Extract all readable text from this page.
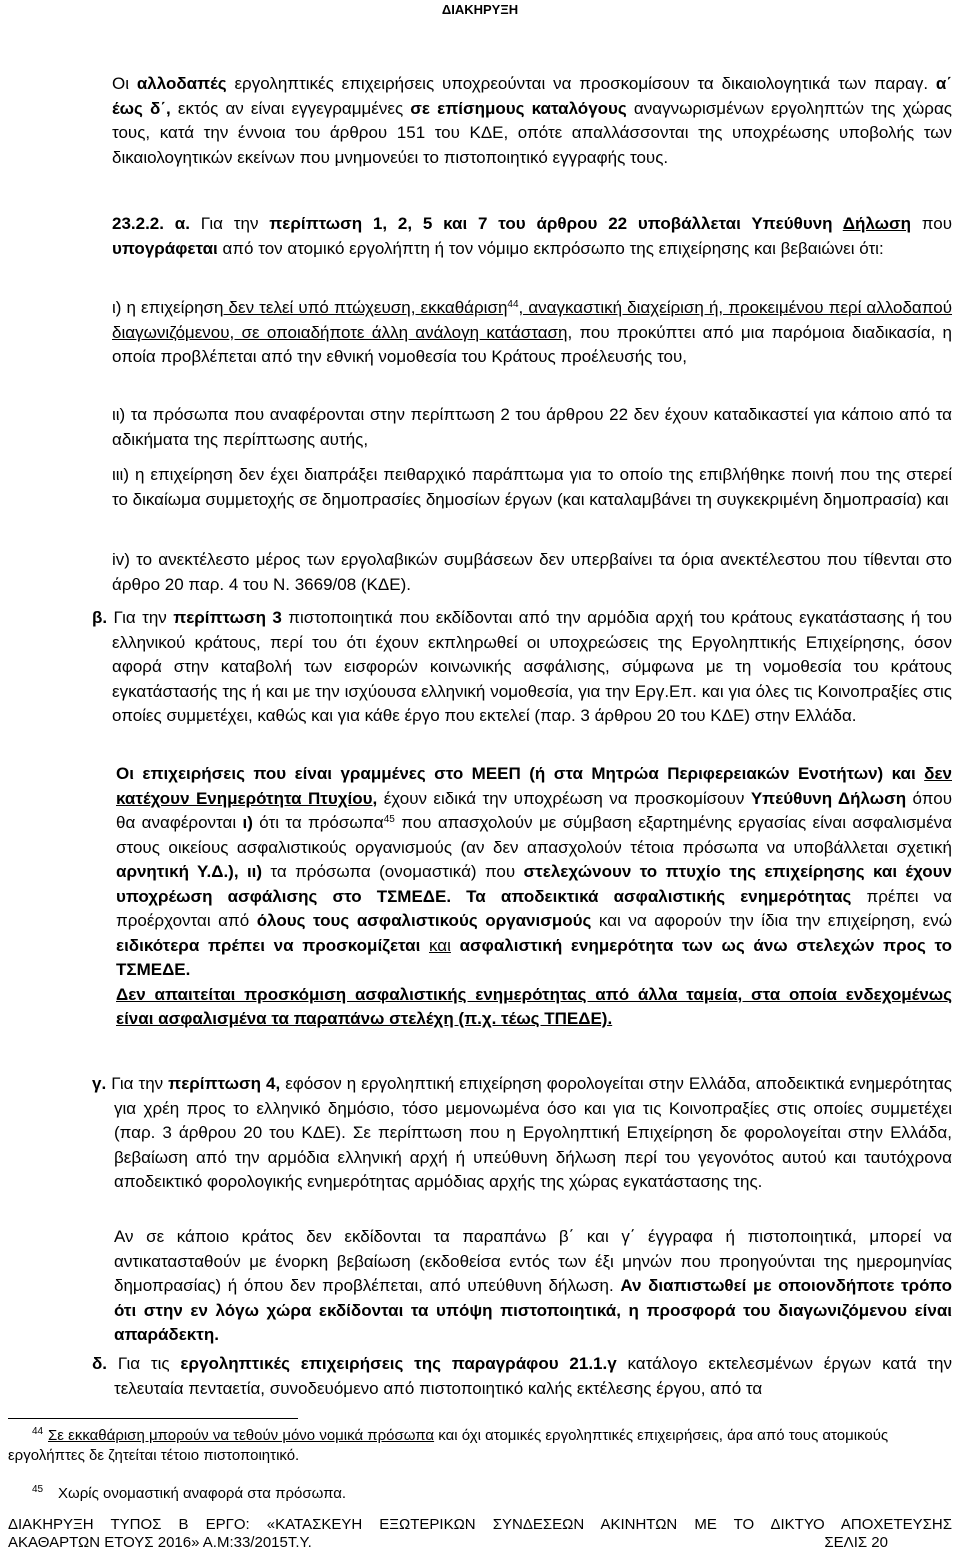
ΔΙΑΚΗΡΥΞΗ
Οι αλλοδαπές εργοληπτικές επιχειρήσεις υποχρεούνται να προσκομίσουν τα δικαιολογητικά των παραγ. α΄ έως δ΄, εκτός αν είναι εγγεγραμμένες σε επίσημους καταλόγους αναγνωρισμένων εργοληπτών της χώρας τους, κατά την έννοια του άρθρου 151 του ΚΔΕ, οπότε απαλλάσσονται της υποχρέωσης υποβολής των δικαιολογητικών εκείνων που μνημονεύει το πιστοποιητικό εγγραφής τους.
23.2.2. α. Για την περίπτωση 1, 2, 5 και 7 του άρθρου 22 υποβάλλεται Υπεύθυνη Δήλωση που υπογράφεται από τον ατομικό εργολήπτη ή τον νόμιμο εκπρόσωπο της επιχείρησης και βεβαιώνει ότι:
ι) η επιχείρηση δεν τελεί υπό πτώχευση, εκκαθάριση$^{44}$, αναγκαστική διαχείριση ή, προκειμένου περί αλλοδαπού διαγωνιζόμενου, σε οποιαδήποτε άλλη ανάλογη κατάσταση, που προκύπτει από μια παρόμοια διαδικασία, η οποία προβλέπεται από την εθνική νομοθεσία του Κράτους προέλευσής του,
ιι) τα πρόσωπα που αναφέρονται στην περίπτωση 2 του άρθρου 22 δεν έχουν καταδικαστεί για κάποιο από τα αδικήματα της περίπτωσης αυτής,
ιιι) η επιχείρηση δεν έχει διαπράξει πειθαρχικό παράπτωμα για το οποίο της επιβλήθηκε ποινή που της στερεί το δικαίωμα συμμετοχής σε δημοπρασίες δημοσίων έργων (και καταλαμβάνει τη συγκεκριμένη δημοπρασία) και
iv) το ανεκτέλεστο μέρος των εργολαβικών συμβάσεων δεν υπερβαίνει τα όρια ανεκτέλεστου που τίθενται στο άρθρο 20 παρ. 4 του Ν. 3669/08 (ΚΔΕ).
β. Για την περίπτωση 3 πιστοποιητικά που εκδίδονται από την αρμόδια αρχή του κράτους εγκατάστασης ή του ελληνικού κράτους, περί του ότι έχουν εκπληρωθεί οι υποχρεώσεις της Εργοληπτικής Επιχείρησης, όσον αφορά στην καταβολή των εισφορών κοινωνικής ασφάλισης, σύμφωνα με τη νομοθεσία του κράτους εγκατάστασής της ή και με την ισχύουσα ελληνική νομοθεσία, για την Εργ.Επ. και για όλες τις Κοινοπραξίες στις οποίες συμμετέχει, καθώς και για κάθε έργο που εκτελεί (παρ. 3 άρθρου 20 του ΚΔΕ) στην Ελλάδα.
Οι επιχειρήσεις που είναι γραμμένες στο ΜΕΕΠ (ή στα Μητρώα Περιφερειακών Ενοτήτων) και δεν κατέχουν Ενημερότητα Πτυχίου, έχουν ειδικά την υποχρέωση να προσκομίσουν Υπεύθυνη Δήλωση όπου θα αναφέρονται ι) ότι τα πρόσωπα$^{45}$ που απασχολούν με σύμβαση εξαρτημένης εργασίας είναι ασφαλισμένα στους οικείους ασφαλιστικούς οργανισμούς (αν δεν απασχολούν τέτοια πρόσωπα να υποβάλλεται σχετική αρνητική Υ.Δ.), ιι) τα πρόσωπα (ονομαστικά) που στελεχώνουν το πτυχίο της επιχείρησης και έχουν υποχρέωση ασφάλισης στο ΤΣΜΕΔΕ. Τα αποδεικτικά ασφαλιστικής ενημερότητας πρέπει να προέρχονται από όλους τους ασφαλιστικούς οργανισμούς και να αφορούν την ίδια την επιχείρηση, ενώ ειδικότερα πρέπει να προσκομίζεται και ασφαλιστική ενημερότητα των ως άνω στελεχών προς το ΤΣΜΕΔΕ.
Δεν απαιτείται προσκόμιση ασφαλιστικής ενημερότητας από άλλα ταμεία, στα οποία ενδεχομένως είναι ασφαλισμένα τα παραπάνω στελέχη (π.χ. τέως ΤΠΕΔΕ).
γ. Για την περίπτωση 4, εφόσον η εργοληπτική επιχείρηση φορολογείται στην Ελλάδα, αποδεικτικά ενημερότητας για χρέη προς το ελληνικό δημόσιο, τόσο μεμονωμένα όσο και για τις Κοινοπραξίες στις οποίες συμμετέχει (παρ. 3 άρθρου 20 του ΚΔΕ). Σε περίπτωση που η Εργοληπτική Επιχείρηση δε φορολογείται στην Ελλάδα, βεβαίωση από την αρμόδια ελληνική αρχή ή υπεύθυνη δήλωση περί του γεγονότος αυτού και ταυτόχρονα αποδεικτικό φορολογικής ενημερότητας αρμόδιας αρχής της χώρας εγκατάστασης της.
Αν σε κάποιο κράτος δεν εκδίδονται τα παραπάνω β΄ και γ΄ έγγραφα ή πιστοποιητικά, μπορεί να αντικατασταθούν με ένορκη βεβαίωση (εκδοθείσα εντός των έξι μηνών που προηγούνται της ημερομηνίας δημοπρασίας) ή όπου δεν προβλέπεται, από υπεύθυνη δήλωση. Αν διαπιστωθεί με οποιονδήποτε τρόπο ότι στην εν λόγω χώρα εκδίδονται τα υπόψη πιστοποιητικά, η προσφορά του διαγωνιζόμενου είναι απαράδεκτη.
δ. Για τις εργοληπτικές επιχειρήσεις της παραγράφου 21.1.γ κατάλογο εκτελεσμένων έργων κατά την τελευταία πενταετία, συνοδευόμενο από πιστοποιητικό καλής εκτέλεσης έργου, από τα
$^{44}$ Σε εκκαθάριση μπορούν να τεθούν μόνο νομικά πρόσωπα και όχι ατομικές εργοληπτικές επιχειρήσεις, άρα από τους ατομικούς εργολήπτες δε ζητείται τέτοιο πιστοποιητικό.
$^{45}$ Χωρίς ονομαστική αναφορά στα πρόσωπα.
ΔΙΑΚΗΡΥΞΗ ΤΥΠΟΣ Β ΕΡΓΟ: «ΚΑΤΑΣΚΕΥΗ ΕΞΩΤΕΡΙΚΩΝ ΣΥΝΔΕΣΕΩΝ ΑΚΙΝΗΤΩΝ ΜΕ ΤΟ ΔΙΚΤΥΟ ΑΠΟΧΕΤΕΥΣΗΣ
ΑΚΑΘΑΡΤΩΝ ΕΤΟΥΣ 2016» Α.Μ:33/2015Τ.Υ.	ΣΕΛΙΣ 20
